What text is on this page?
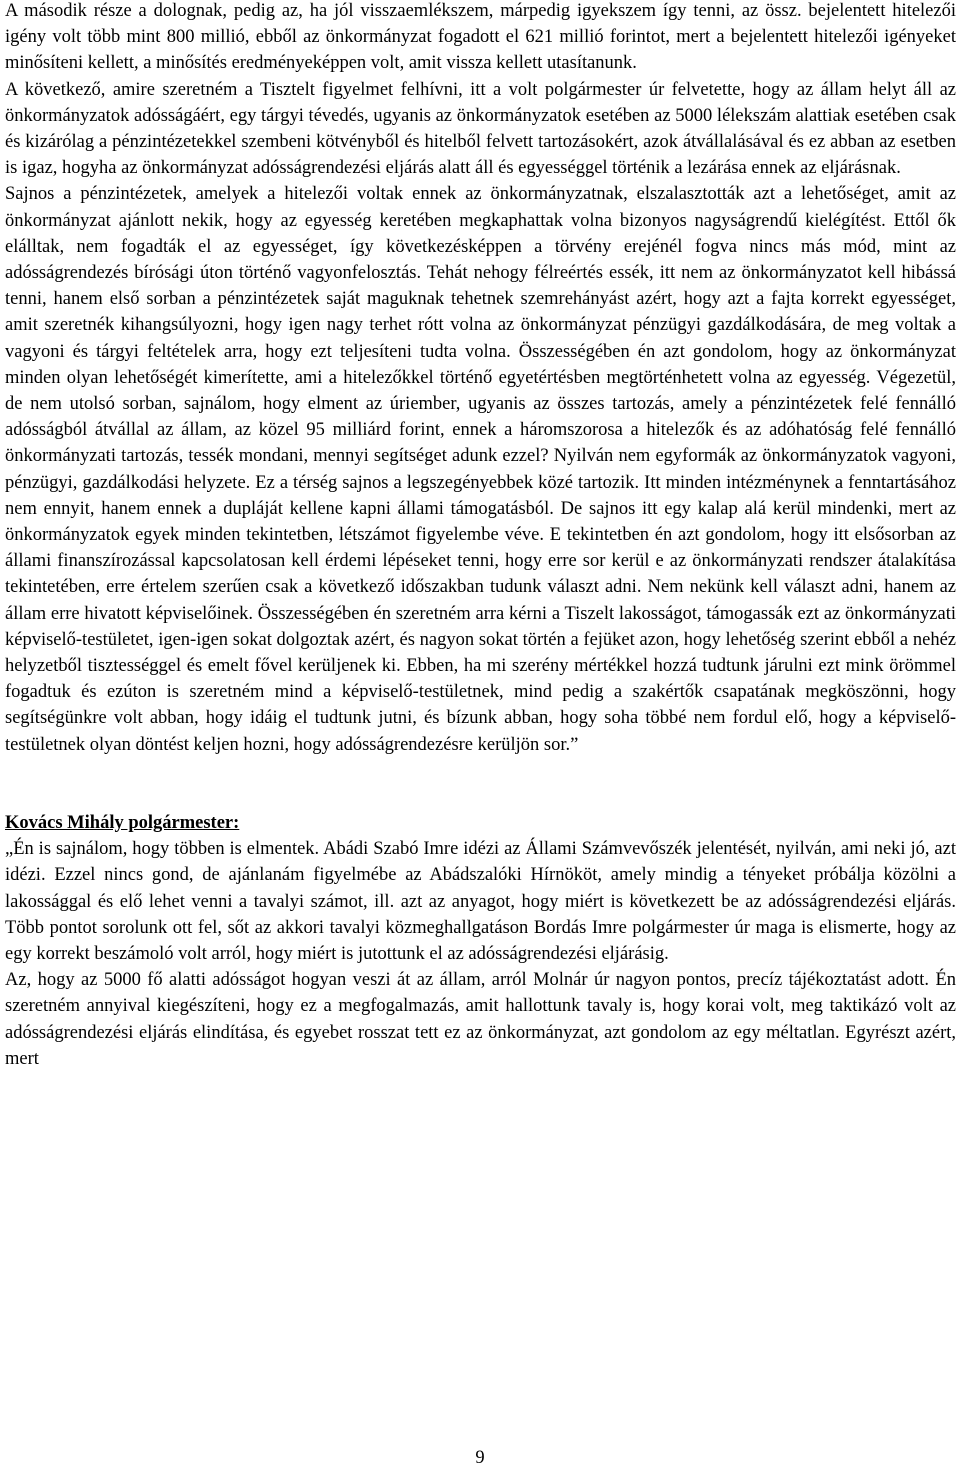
A második része a dolognak, pedig az, ha jól visszaemlékszem, márpedig igyekszem így tenni, az össz. bejelentett hitelezői igény volt több mint 800 millió, ebből az önkormányzat fogadott el 621 millió forintot, mert a bejelentett hitelezői igényeket minősíteni kellett, a minősítés eredményeképpen volt, amit vissza kellett utasítanunk.

A következő, amire szeretném a Tisztelt figyelmet felhívni, itt a volt polgármester úr felvetette, hogy az állam helyt áll az önkormányzatok adósságáért, egy tárgyi tévedés, ugyanis az önkormányzatok esetében az 5000 lélekszám alattiak esetében csak és kizárólag a pénzintézetekkel szembeni kötvényből és hitelből felvett tartozásokért, azok átvállalásával és ez abban az esetben is igaz, hogyha az önkormányzat adósságrendezési eljárás alatt áll és egyességgel történik a lezárása ennek az eljárásnak.

Sajnos a pénzintézetek, amelyek a hitelezői voltak ennek az önkormányzatnak, elszalasztották azt a lehetőséget, amit az önkormányzat ajánlott nekik, hogy az egyesség keretében megkaphattak volna bizonyos nagyságrendű kielégítést. Ettől ők elálltak, nem fogadták el az egyességet, így következésképpen a törvény erejénél fogva nincs más mód, mint az adósságrendezés bírósági úton történő vagyonfelosztás. Tehát nehogy félreértés essék, itt nem az önkormányzatot kell hibássá tenni, hanem első sorban a pénzintézetek saját maguknak tehetnek szemrehányást azért, hogy azt a fajta korrekt egyességet, amit szeretnék kihangsúlyozni, hogy igen nagy terhet rótt volna az önkormányzat pénzügyi gazdálkodására, de meg voltak a vagyoni és tárgyi feltételek arra, hogy ezt teljesíteni tudta volna. Összességében én azt gondolom, hogy az önkormányzat minden olyan lehetőségét kimerítette, ami a hitelezőkkel történő egyetértésben megtörténhetett volna az egyesség. Végezetül, de nem utolsó sorban, sajnálom, hogy elment az úriember, ugyanis az összes tartozás, amely a pénzintézetek felé fennálló adósságból átvállal az állam, az közel 95 milliárd forint, ennek a háromszorosa a hitelezők és az adóhatóság felé fennálló önkormányzati tartozás, tessék mondani, mennyi segítséget adunk ezzel? Nyilván nem egyformák az önkormányzatok vagyoni, pénzügyi, gazdálkodási helyzete. Ez a térség sajnos a legszegényebbek közé tartozik. Itt minden intézménynek a fenntartásához nem ennyit, hanem ennek a dupláját kellene kapni állami támogatásból. De sajnos itt egy kalap alá kerül mindenki, mert az önkormányzatok egyek minden tekintetben, létszámot figyelembe véve. E tekintetben én azt gondolom, hogy itt elsősorban az állami finanszírozással kapcsolatosan kell érdemi lépéseket tenni, hogy erre sor kerül e az önkormányzati rendszer átalakítása tekintetében, erre értelem szerűen csak a következő időszakban tudunk választ adni. Nem nekünk kell választ adni, hanem az állam erre hivatott képviselőinek. Összességében én szeretném arra kérni a Tiszelt lakosságot, támogassák ezt az önkormányzati képviselő-testületet, igen-igen sokat dolgoztak azért, és nagyon sokat történ a fejüket azon, hogy lehetőség szerint ebből a nehéz helyzetből tisztességgel és emelt fővel kerüljenek ki. Ebben, ha mi szerény mértékkel hozzá tudtunk járulni ezt mink örömmel fogadtuk és ezúton is szeretném mind a képviselő-testületnek, mind pedig a szakértők csapatának megköszönni, hogy segítségünkre volt abban, hogy idáig el tudtunk jutni, és bízunk abban, hogy soha többé nem fordul elő, hogy a képviselő-testületnek olyan döntést keljen hozni, hogy adósságrendezésre kerüljön sor.”

Kovács Mihály polgármester:

„Én is sajnálom, hogy többen is elmentek. Abádi Szabó Imre idézi az Állami Számvevőszék jelentését, nyilván, ami neki jó, azt idézi. Ezzel nincs gond, de ajánlanám figyelmébe az Abádszalóki Hírnököt, amely mindig a tényeket próbálja közölni a lakossággal és elő lehet venni a tavalyi számot, ill. azt az anyagot, hogy miért is következett be az adósságrendezési eljárás. Több pontot sorolunk ott fel, sőt az akkori tavalyi közmeghallgatáson Bordás Imre polgármester úr maga is elismerte, hogy az egy korrekt beszámoló volt arról, hogy miért is jutottunk el az adósságrendezési eljárásig.

Az, hogy az 5000 fő alatti adósságot hogyan veszi át az állam, arról Molnár úr nagyon pontos, precíz tájékoztatást adott. Én szeretném annyival kiegészíteni, hogy ez a megfogalmazás, amit hallottunk tavaly is, hogy korai volt, meg taktikázó volt az adósságrendezési eljárás elindítása, és egyebet rosszat tett ez az önkormányzat, azt gondolom az egy méltatlan. Egyrészt azért, mert

9
